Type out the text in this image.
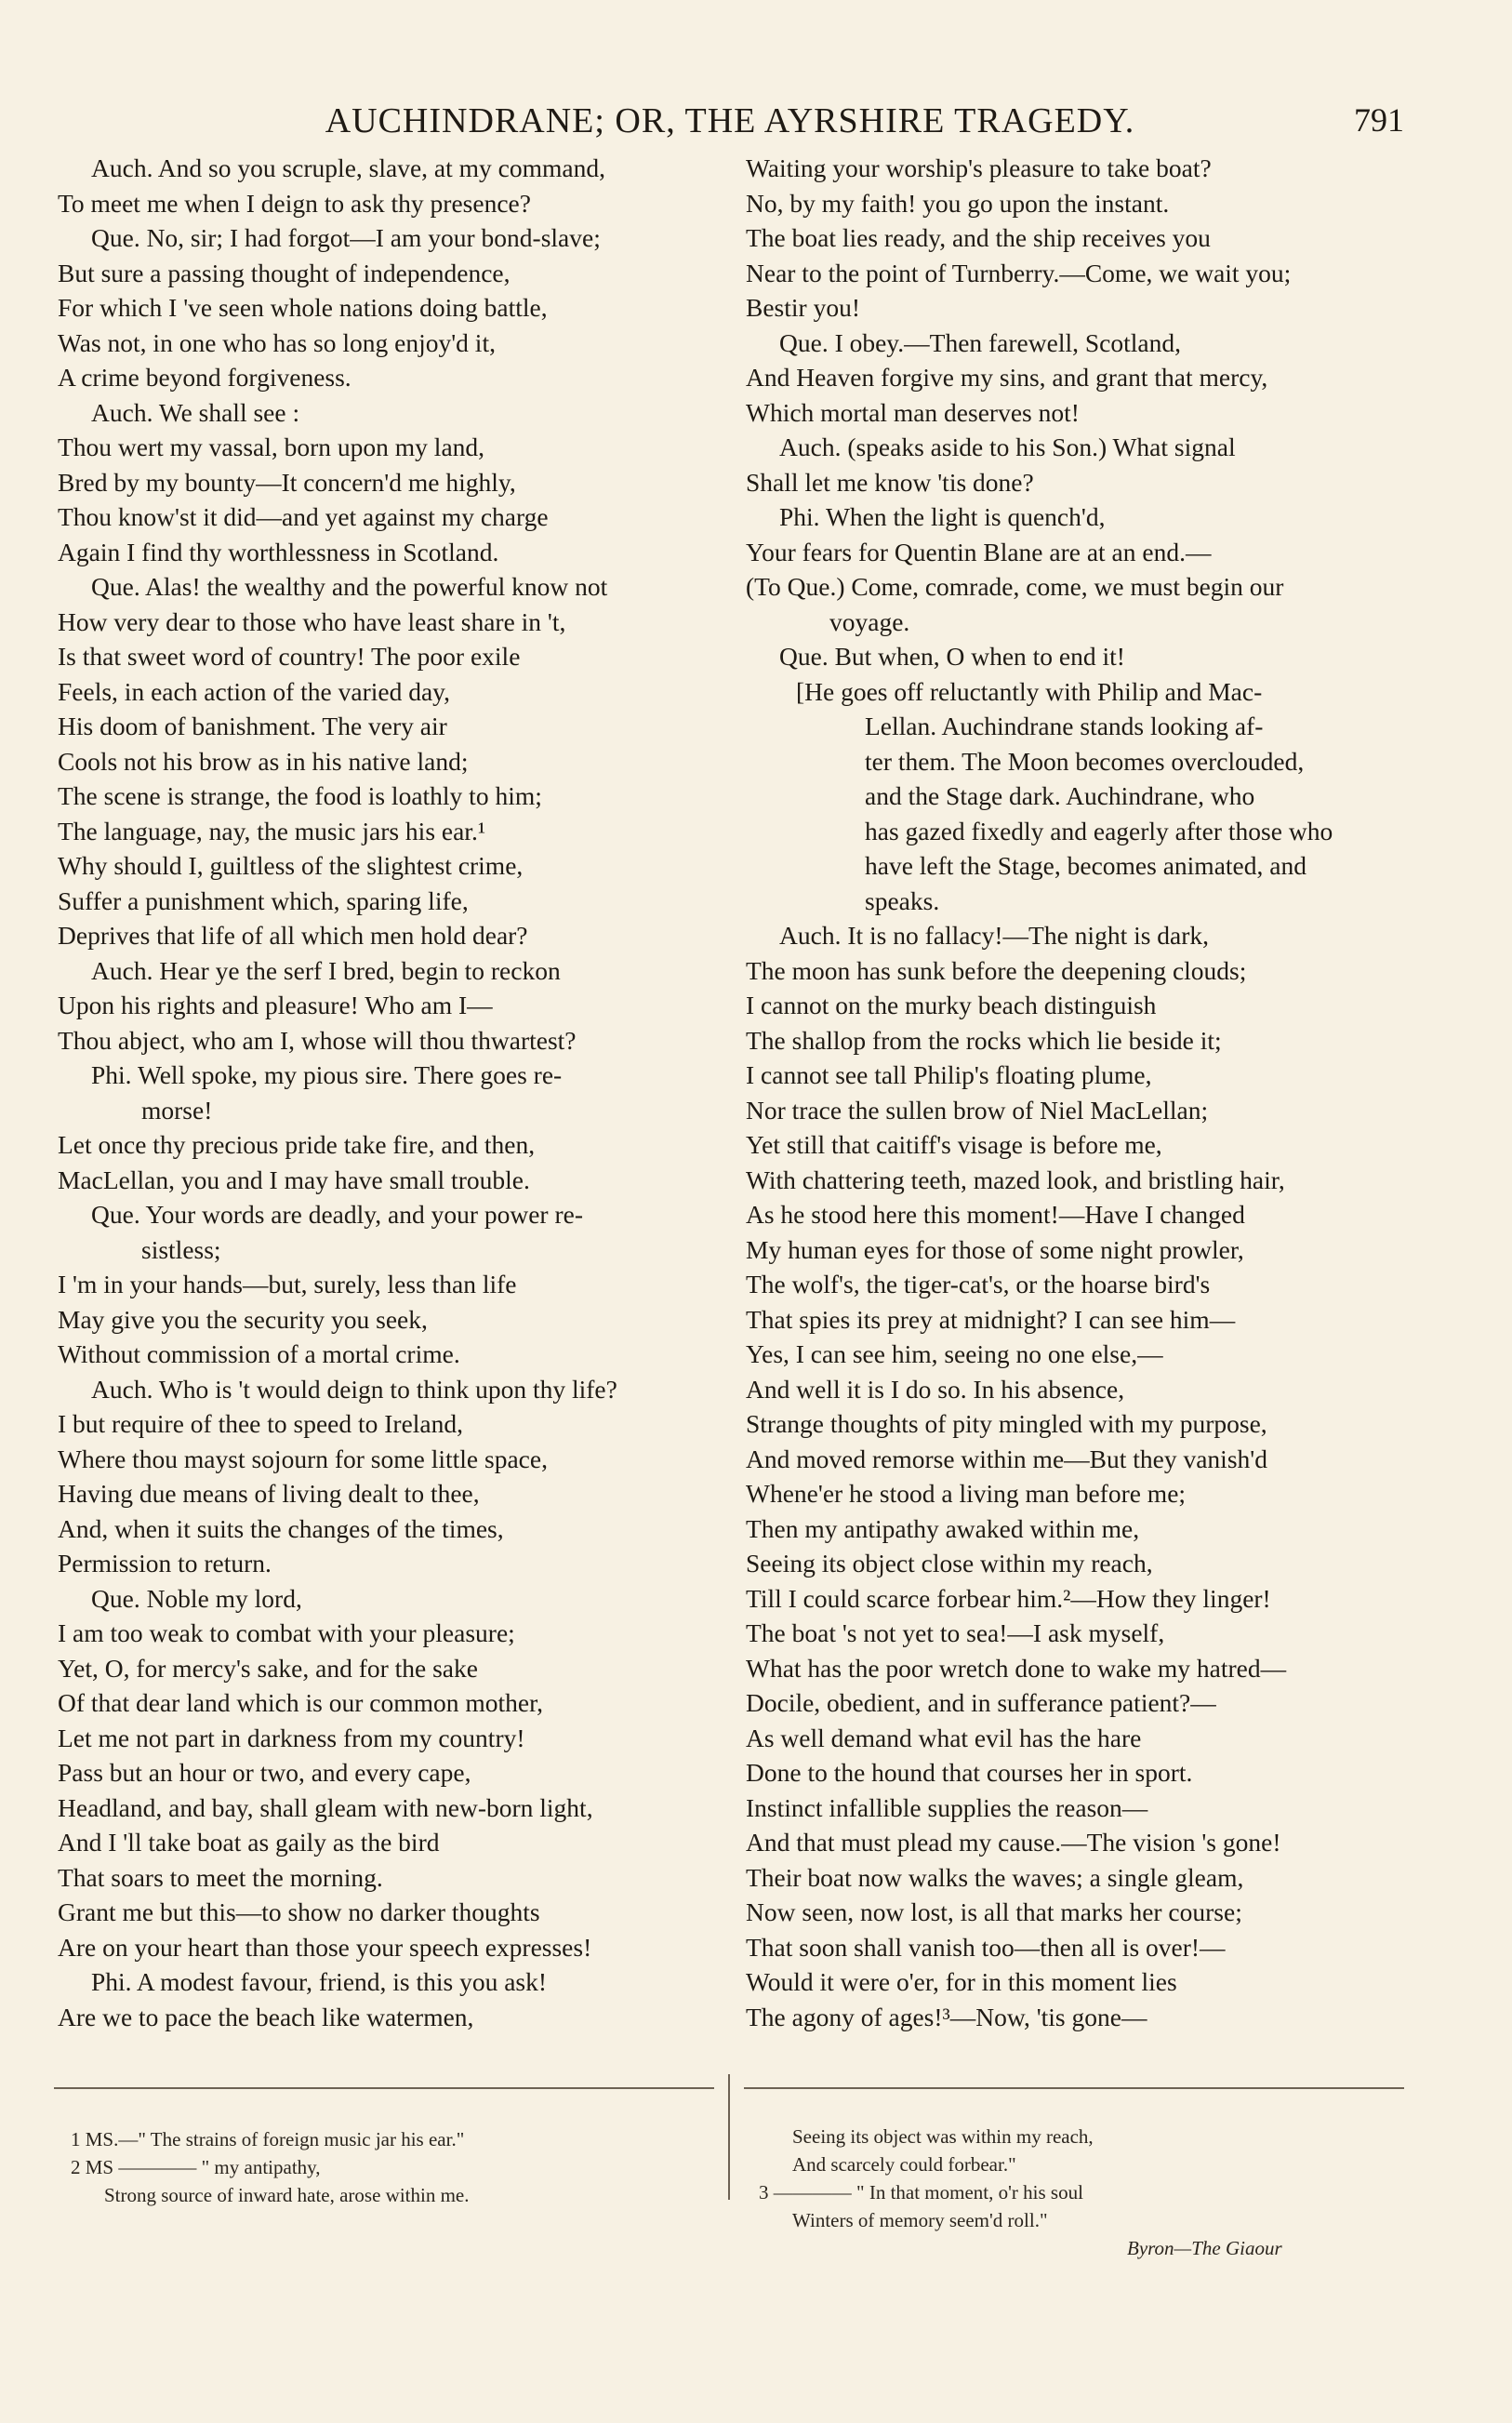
AUCHINDRANE; OR, THE AYRSHIRE TRAGEDY.	791
Auch. And so you scruple, slave, at my command,
To meet me when I deign to ask thy presence?
Que. No, sir; I had forgot—I am your bond-slave;
But sure a passing thought of independence,
For which I 've seen whole nations doing battle,
Was not, in one who has so long enjoy'd it,
A crime beyond forgiveness.
Auch. We shall see :
Thou wert my vassal, born upon my land,
Bred by my bounty—It concern'd me highly,
Thou know'st it did—and yet against my charge
Again I find thy worthlessness in Scotland.
Que. Alas! the wealthy and the powerful know not
How very dear to those who have least share in 't,
Is that sweet word of country! The poor exile
Feels, in each action of the varied day,
His doom of banishment. The very air
Cools not his brow as in his native land;
The scene is strange, the food is loathly to him;
The language, nay, the music jars his ear.¹
Why should I, guiltless of the slightest crime,
Suffer a punishment which, sparing life,
Deprives that life of all which men hold dear?
Auch. Hear ye the serf I bred, begin to reckon
Upon his rights and pleasure! Who am I—
Thou abject, who am I, whose will thou thwartest?
Phi. Well spoke, my pious sire. There goes re-
morse!
Let once thy precious pride take fire, and then,
MacLellan, you and I may have small trouble.
Que. Your words are deadly, and your power re-
sistless;
I 'm in your hands—but, surely, less than life
May give you the security you seek,
Without commission of a mortal crime.
Auch. Who is 't would deign to think upon thy life?
I but require of thee to speed to Ireland,
Where thou mayst sojourn for some little space,
Having due means of living dealt to thee,
And, when it suits the changes of the times,
Permission to return.
Que. Noble my lord,
I am too weak to combat with your pleasure;
Yet, O, for mercy's sake, and for the sake
Of that dear land which is our common mother,
Let me not part in darkness from my country!
Pass but an hour or two, and every cape,
Headland, and bay, shall gleam with new-born light,
And I 'll take boat as gaily as the bird
That soars to meet the morning.
Grant me but this—to show no darker thoughts
Are on your heart than those your speech expresses!
Phi. A modest favour, friend, is this you ask!
Are we to pace the beach like watermen,
Waiting your worship's pleasure to take boat?
No, by my faith! you go upon the instant.
The boat lies ready, and the ship receives you
Near to the point of Turnberry.—Come, we wait you;
Bestir you!
Que. I obey.—Then farewell, Scotland,
And Heaven forgive my sins, and grant that mercy,
Which mortal man deserves not!
Auch. (speaks aside to his Son.) What signal
Shall let me know 'tis done?
Phi. When the light is quench'd,
Your fears for Quentin Blane are at an end.—
(To Que.) Come, comrade, come, we must begin our
voyage.
Que. But when, O when to end it!
[He goes off reluctantly with Philip and Mac-
Lellan. Auchindrane stands looking af-
ter them. The Moon becomes overclouded,
and the Stage dark. Auchindrane, who
has gazed fixedly and eagerly after those who
have left the Stage, becomes animated, and
speaks.
Auch. It is no fallacy!—The night is dark,
The moon has sunk before the deepening clouds;
I cannot on the murky beach distinguish
The shallop from the rocks which lie beside it;
I cannot see tall Philip's floating plume,
Nor trace the sullen brow of Niel MacLellan;
Yet still that caitiff's visage is before me,
With chattering teeth, mazed look, and bristling hair,
As he stood here this moment!—Have I changed
My human eyes for those of some night prowler,
The wolf's, the tiger-cat's, or the hoarse bird's
That spies its prey at midnight? I can see him—
Yes, I can see him, seeing no one else,—
And well it is I do so. In his absence,
Strange thoughts of pity mingled with my purpose,
And moved remorse within me—But they vanish'd
Whene'er he stood a living man before me;
Then my antipathy awaked within me,
Seeing its object close within my reach,
Till I could scarce forbear him.²—How they linger!
The boat 's not yet to sea!—I ask myself,
What has the poor wretch done to wake my hatred—
Docile, obedient, and in sufferance patient?—
As well demand what evil has the hare
Done to the hound that courses her in sport.
Instinct infallible supplies the reason—
And that must plead my cause.—The vision 's gone!
Their boat now walks the waves; a single gleam,
Now seen, now lost, is all that marks her course;
That soon shall vanish too—then all is over!—
Would it were o'er, for in this moment lies
The agony of ages!³—Now, 'tis gone—
1 MS.—" The strains of foreign music jar his ear."
2 MS ———— " my antipathy,
Strong source of inward hate, arose within me.
Seeing its object was within my reach,
And scarcely could forbear."
3 ———— " In that moment, o'r his soul
Winters of memory seem'd roll."
Byron—The Giaour
